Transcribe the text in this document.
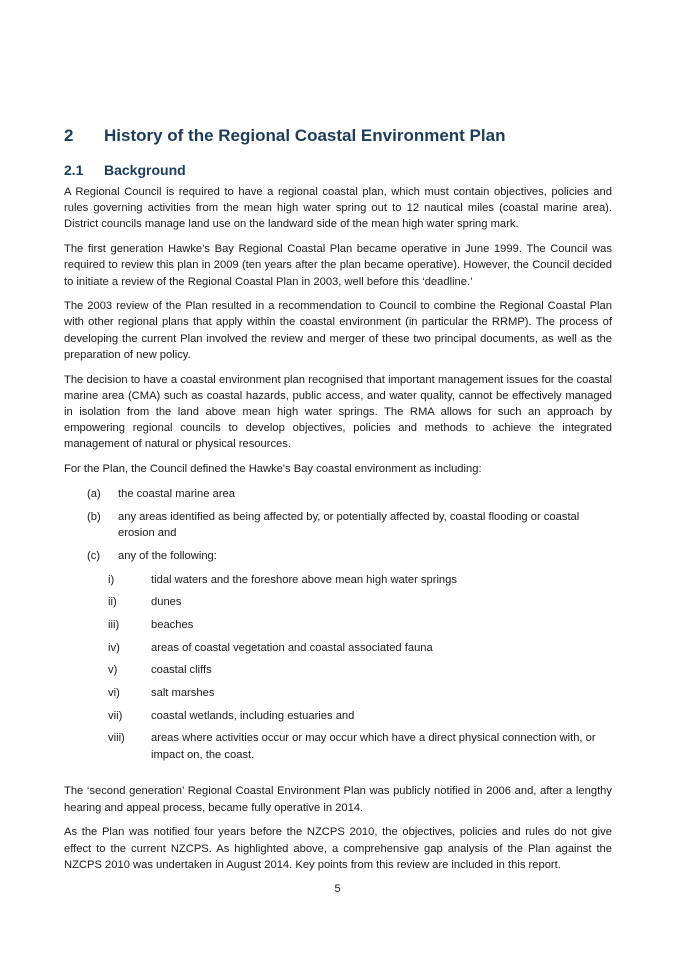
2 History of the Regional Coastal Environment Plan
2.1 Background

A Regional Council is required to have a regional coastal plan, which must contain objectives, policies and rules governing activities from the mean high water spring out to 12 nautical miles (coastal marine area). District councils manage land use on the landward side of the mean high water spring mark.

The first generation Hawke’s Bay Regional Coastal Plan became operative in June 1999. The Council was required to review this plan in 2009 (ten years after the plan became operative). However, the Council decided to initiate a review of the Regional Coastal Plan in 2003, well before this ‘deadline.’

The 2003 review of the Plan resulted in a recommendation to Council to combine the Regional Coastal Plan with other regional plans that apply within the coastal environment (in particular the RRMP). The process of developing the current Plan involved the review and merger of these two principal documents, as well as the preparation of new policy.

The decision to have a coastal environment plan recognised that important management issues for the coastal marine area (CMA) such as coastal hazards, public access, and water quality, cannot be effectively managed in isolation from the land above mean high water springs. The RMA allows for such an approach by empowering regional councils to develop objectives, policies and methods to achieve the integrated management of natural or physical resources.

For the Plan, the Council defined the Hawke's Bay coastal environment as including:

(a) the coastal marine area
(b) any areas identified as being affected by, or potentially affected by, coastal flooding or coastal erosion and
(c) any of the following:
i)	tidal waters and the foreshore above mean high water springs
ii)	dunes
iii)	beaches
iv)	areas of coastal vegetation and coastal associated fauna
v)	coastal cliffs
vi)	salt marshes
vii)	coastal wetlands, including estuaries and
viii) areas where activities occur or may occur which have a direct physical connection with, or impact on, the coast.

The ‘second generation’ Regional Coastal Environment Plan was publicly notified in 2006 and, after a lengthy hearing and appeal process, became fully operative in 2014.

As the Plan was notified four years before the NZCPS 2010, the objectives, policies and rules do not give effect to the current NZCPS. As highlighted above, a comprehensive gap analysis of the Plan against the NZCPS 2010 was undertaken in August 2014. Key points from this review are included in this report.

5
